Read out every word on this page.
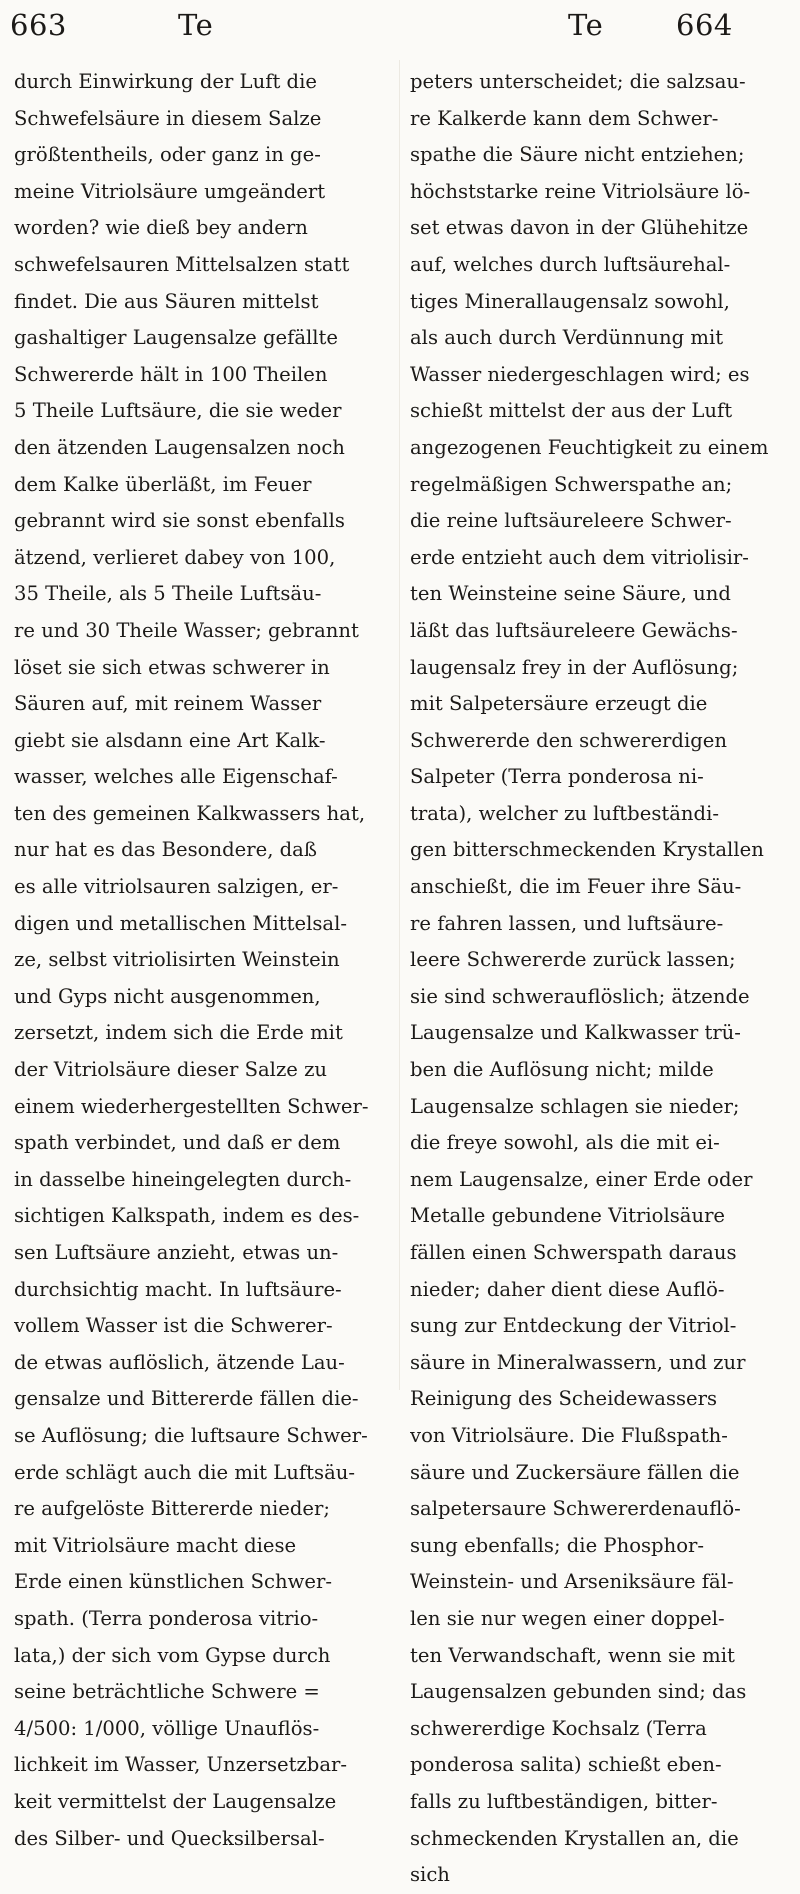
663	Te	Te	664
durch Einwirkung der Luft die
Schwefelsäure in diesem Salze
größtentheils, oder ganz in ge-
meine Vitriolsäure umgeändert
worden? wie dieß bey andern
schwefelsauren Mittelsalzen statt
findet. Die aus Säuren mittelst
gashaltiger Laugensalze gefällte
Schwererde hält in 100 Theilen
5 Theile Luftsäure, die sie weder
den ätzenden Laugensalzen noch
dem Kalke überläßt, im Feuer
gebrannt wird sie sonst ebenfalls
ätzend, verlieret dabey von 100,
35 Theile, als 5 Theile Luftsäu-
re und 30 Theile Wasser; gebrannt
löset sie sich etwas schwerer in
Säuren auf, mit reinem Wasser
giebt sie alsdann eine Art Kalk-
wasser, welches alle Eigenschaf-
ten des gemeinen Kalkwassers hat,
nur hat es das Besondere, daß
es alle vitriolsauren salzigen, er-
digen und metallischen Mittelsal-
ze, selbst vitriolisirten Weinstein
und Gyps nicht ausgenommen,
zersetzt, indem sich die Erde mit
der Vitriolsäure dieser Salze zu
einem wiederhergestellten Schwer-
spath verbindet, und daß er dem
in dasselbe hineingelegten durch-
sichtigen Kalkspath, indem es des-
sen Luftsäure anzieht, etwas un-
durchsichtig macht. In luftsäure-
vollem Wasser ist die Schwerer-
de etwas auflöslich, ätzende Lau-
gensalze und Bittererde fällen die-
se Auflösung; die luftsaure Schwer-
erde schlägt auch die mit Luftsäu-
re aufgelöste Bittererde nieder;
mit Vitriolsäure macht diese
Erde einen künstlichen Schwer-
spath. (Terra ponderosa vitrio-
lata,) der sich vom Gypse durch
seine beträchtliche Schwere =
4/500: 1/000, völlige Unauflös-
lichkeit im Wasser, Unzersetzbar-
keit vermittelst der Laugensalze
des Silber- und Quecksilbersal-
peters unterscheidet; die salzsau-
re Kalkerde kann dem Schwer-
spathe die Säure nicht entziehen;
höchststarke reine Vitriolsäure lö-
set etwas davon in der Glühehitze
auf, welches durch luftsäurehal-
tiges Minerallaugensalz sowohl,
als auch durch Verdünnung mit
Wasser niedergeschlagen wird; es
schießt mittelst der aus der Luft
angezogenen Feuchtigkeit zu einem
regelmäßigen Schwerspathe an;
die reine luftsäureleere Schwer-
erde entzieht auch dem vitriolisir-
ten Weinsteine seine Säure, und
läßt das luftsäureleere Gewächs-
laugensalz frey in der Auflösung;
mit Salpetersäure erzeugt die
Schwererde den schwererdigen
Salpeter (Terra ponderosa ni-
trata), welcher zu luftbeständi-
gen bitterschmeckenden Krystallen
anschießt, die im Feuer ihre Säu-
re fahren lassen, und luftsäure-
leere Schwererde zurück lassen;
sie sind schwerauflöslich; ätzende
Laugensalze und Kalkwasser trü-
ben die Auflösung nicht; milde
Laugensalze schlagen sie nieder;
die freye sowohl, als die mit ei-
nem Laugensalze, einer Erde oder
Metalle gebundene Vitriolsäure
fällen einen Schwerspath daraus
nieder; daher dient diese Auflö-
sung zur Entdeckung der Vitriol-
säure in Mineralwassern, und zur
Reinigung des Scheidewassers
von Vitriolsäure. Die Flußspath-
säure und Zuckersäure fällen die
salpetersaure Schwererdenauflö-
sung ebenfalls; die Phosphor-
Weinstein- und Arseniksäure fäl-
len sie nur wegen einer doppel-
ten Verwandschaft, wenn sie mit
Laugensalzen gebunden sind; das
schwererdige Kochsalz (Terra
ponderosa salita) schießt eben-
falls zu luftbeständigen, bitter-
schmeckenden Krystallen an, die
sich
